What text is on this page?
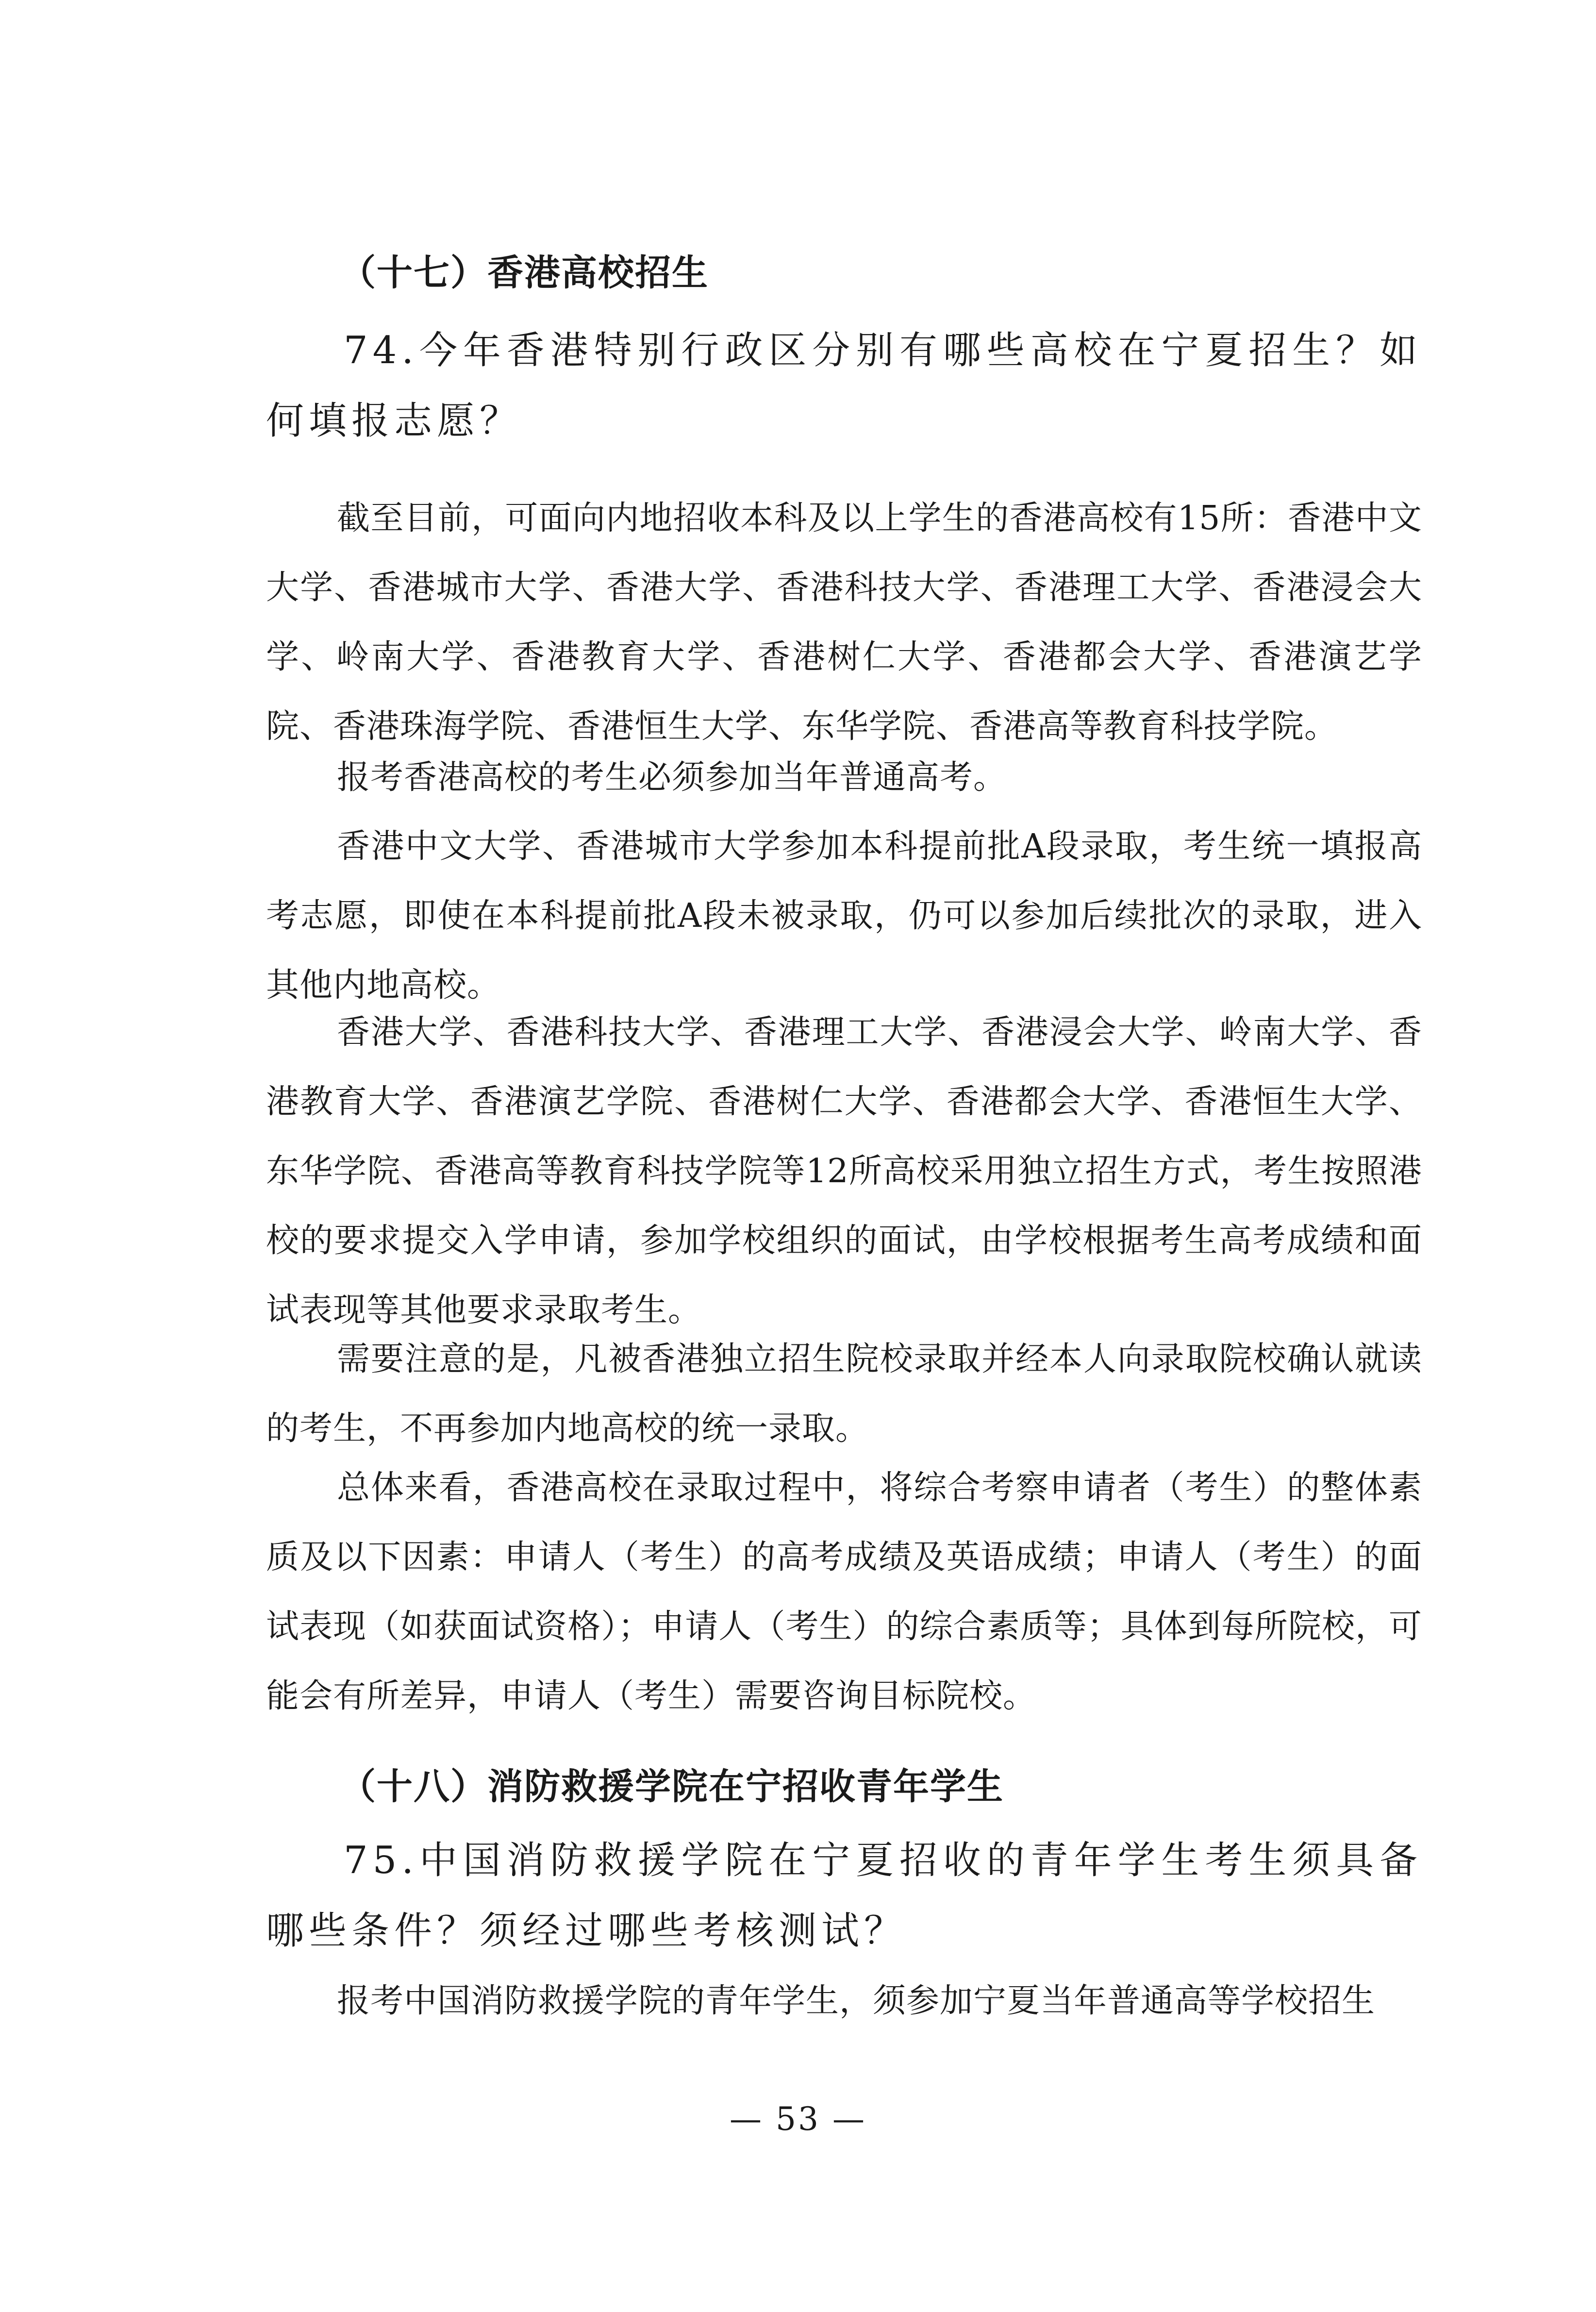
（十七）香港高校招生
74.今年香港特别行政区分别有哪些高校在宁夏招生？如何填报志愿？
截至目前，可面向内地招收本科及以上学生的香港高校有15所：香港中文大学、香港城市大学、香港大学、香港科技大学、香港理工大学、香港浸会大学、岭南大学、香港教育大学、香港树仁大学、香港都会大学、香港演艺学院、香港珠海学院、香港恒生大学、东华学院、香港高等教育科技学院。
报考香港高校的考生必须参加当年普通高考。
香港中文大学、香港城市大学参加本科提前批A段录取，考生统一填报高考志愿，即使在本科提前批A段未被录取，仍可以参加后续批次的录取，进入其他内地高校。
香港大学、香港科技大学、香港理工大学、香港浸会大学、岭南大学、香港教育大学、香港演艺学院、香港树仁大学、香港都会大学、香港恒生大学、东华学院、香港高等教育科技学院等12所高校采用独立招生方式，考生按照港校的要求提交入学申请，参加学校组织的面试，由学校根据考生高考成绩和面试表现等其他要求录取考生。
需要注意的是，凡被香港独立招生院校录取并经本人向录取院校确认就读的考生，不再参加内地高校的统一录取。
总体来看，香港高校在录取过程中，将综合考察申请者（考生）的整体素质及以下因素：申请人（考生）的高考成绩及英语成绩；申请人（考生）的面试表现（如获面试资格）；申请人（考生）的综合素质等；具体到每所院校，可能会有所差异，申请人（考生）需要咨询目标院校。
（十八）消防救援学院在宁招收青年学生
75.中国消防救援学院在宁夏招收的青年学生考生须具备哪些条件？须经过哪些考核测试？
报考中国消防救援学院的青年学生，须参加宁夏当年普通高等学校招生
— 53 —
